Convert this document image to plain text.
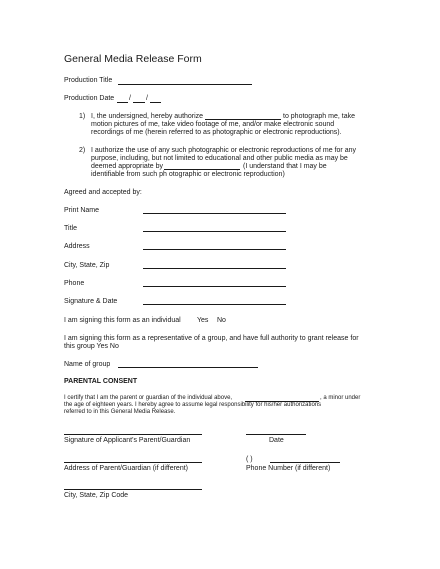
General Media Release Form
Production Title
Production Date / /
1) I, the undersigned, hereby authorize	to photograph me, take
motion pictures of me, take video footage of me, and/or make electronic sound
recordings of me (herein referred to as photographic or electronic reproductions).
2) I authorize the use of any such photographic or electronic reproductions of me for any
purpose, including, but not limited to educational and other public media as may be
deemed appropriate by	(I understand that I may be
identifiable from such ph otographic or electronic reproduction)
Agreed and accepted by:
Print Name
Title
Address
City, State, Zip
Phone
Signature & Date
I am signing this form as an individual Yes No
I am signing this form as a representative of a group, and have full authority to grant release for
this group Yes No
Name of group
PARENTAL CONSENT
I certify that I am the parent or guardian of the individual above,	, a minor under
the age of eighteen years. I hereby agree to assume legal responsibility for his/her authorizations
referred to in this General Media Release.
Signature of Applicant's Parent/Guardian	Date
( )
Address of Parent/Guardian (if different)	Phone Number (if different)
City, State, Zip Code
